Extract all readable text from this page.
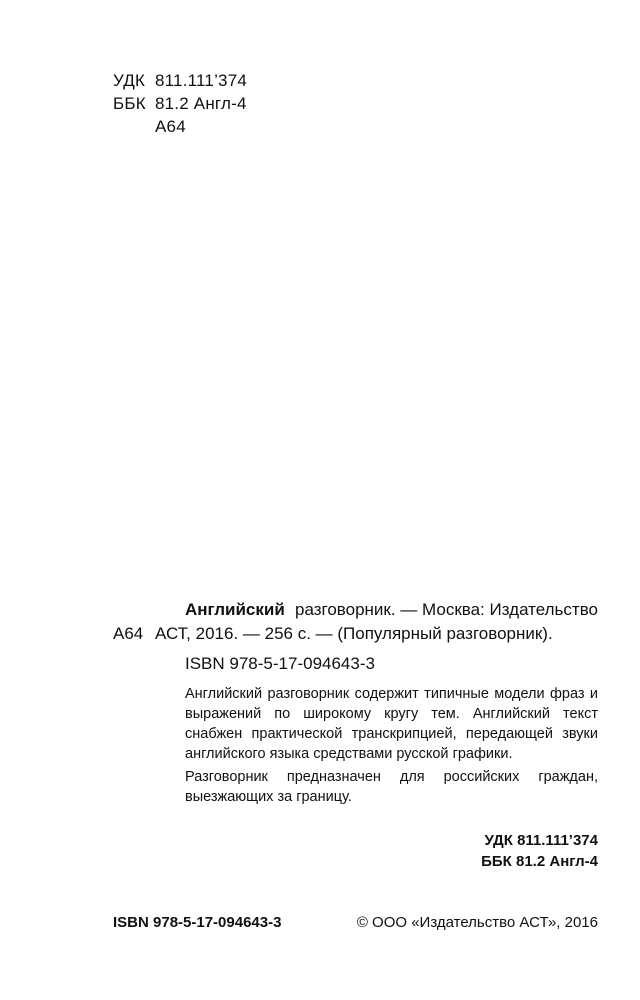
УДК 811.111’374
ББК 81.2 Англ-4
А64
Английский разговорник. — Москва: Издательство
А64 АСТ, 2016. — 256 с. — (Популярный разговорник).
ISBN 978-5-17-094643-3

Английский разговорник содержит типичные модели фраз и выражений по широкому кругу тем. Английский текст снабжен практической транскрипцией, передающей звуки английского языка средствами русской графики.

Разговорник предназначен для российских граждан, выезжающих за границу.

УДК 811.111’374
ББК 81.2 Англ-4
ISBN 978-5-17-094643-3	© ООО «Издательство АСТ», 2016
